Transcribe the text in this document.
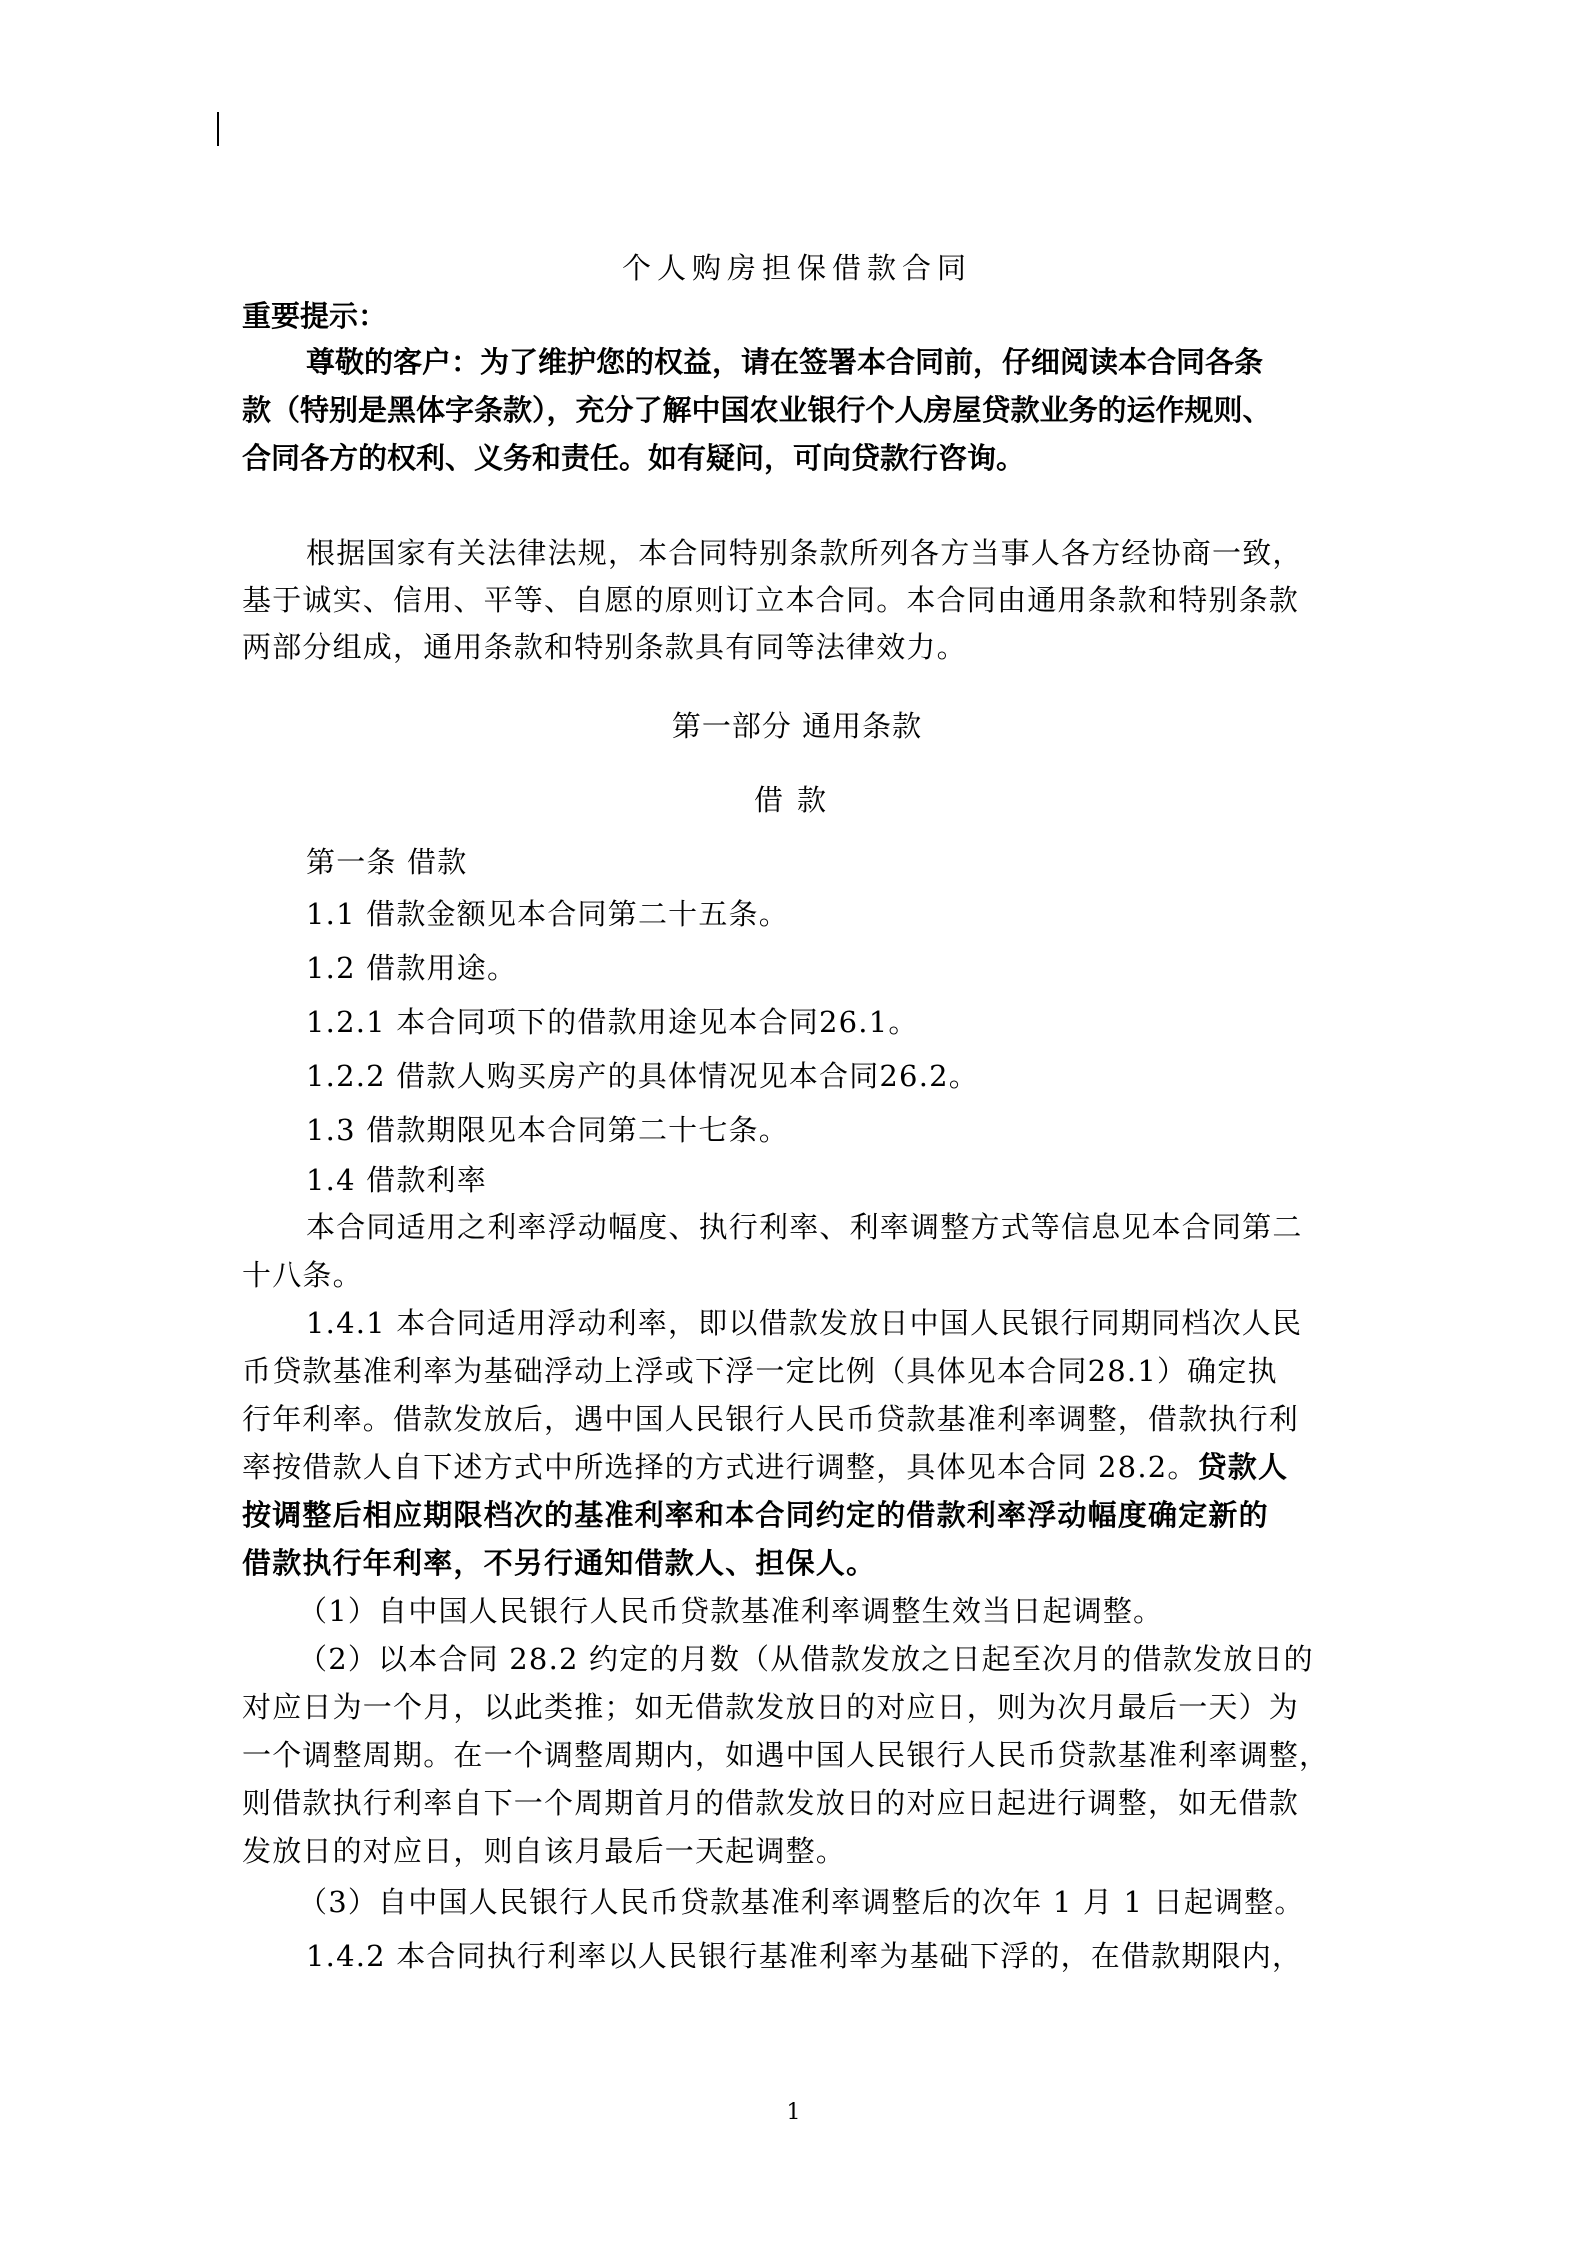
个人购房担保借款合同

重要提示：

尊敬的客户：为了维护您的权益，请在签署本合同前，仔细阅读本合同各条

款（特别是黑体字条款），充分了解中国农业银行个人房屋贷款业务的运作规则、

合同各方的权利、义务和责任。如有疑问，可向贷款行咨询。

根据国家有关法律法规，本合同特别条款所列各方当事人各方经协商一致，

基于诚实、信用、平等、自愿的原则订立本合同。本合同由通用条款和特别条款

两部分组成，通用条款和特别条款具有同等法律效力。

第一部分 通用条款

借款

第一条 借款

1.1 借款金额见本合同第二十五条。

1.2 借款用途。

1.2.1 本合同项下的借款用途见本合同26.1。

1.2.2 借款人购买房产的具体情况见本合同26.2。

1.3 借款期限见本合同第二十七条。

1.4 借款利率

本合同适用之利率浮动幅度、执行利率、利率调整方式等信息见本合同第二

十八条。

1.4.1 本合同适用浮动利率，即以借款发放日中国人民银行同期同档次人民

币贷款基准利率为基础浮动上浮或下浮一定比例（具体见本合同28.1）确定执

行年利率。借款发放后，遇中国人民银行人民币贷款基准利率调整，借款执行利

率按借款人自下述方式中所选择的方式进行调整，具体见本合同 28.2。贷款人

按调整后相应期限档次的基准利率和本合同约定的借款利率浮动幅度确定新的

借款执行年利率，不另行通知借款人、担保人。

（1）自中国人民银行人民币贷款基准利率调整生效当日起调整。

（2）以本合同 28.2 约定的月数（从借款发放之日起至次月的借款发放日的

对应日为一个月，以此类推；如无借款发放日的对应日，则为次月最后一天）为

一个调整周期。在一个调整周期内，如遇中国人民银行人民币贷款基准利率调整，

则借款执行利率自下一个周期首月的借款发放日的对应日起进行调整，如无借款

发放日的对应日，则自该月最后一天起调整。

（3）自中国人民银行人民币贷款基准利率调整后的次年 1 月 1 日起调整。

1.4.2 本合同执行利率以人民银行基准利率为基础下浮的，在借款期限内，

1
